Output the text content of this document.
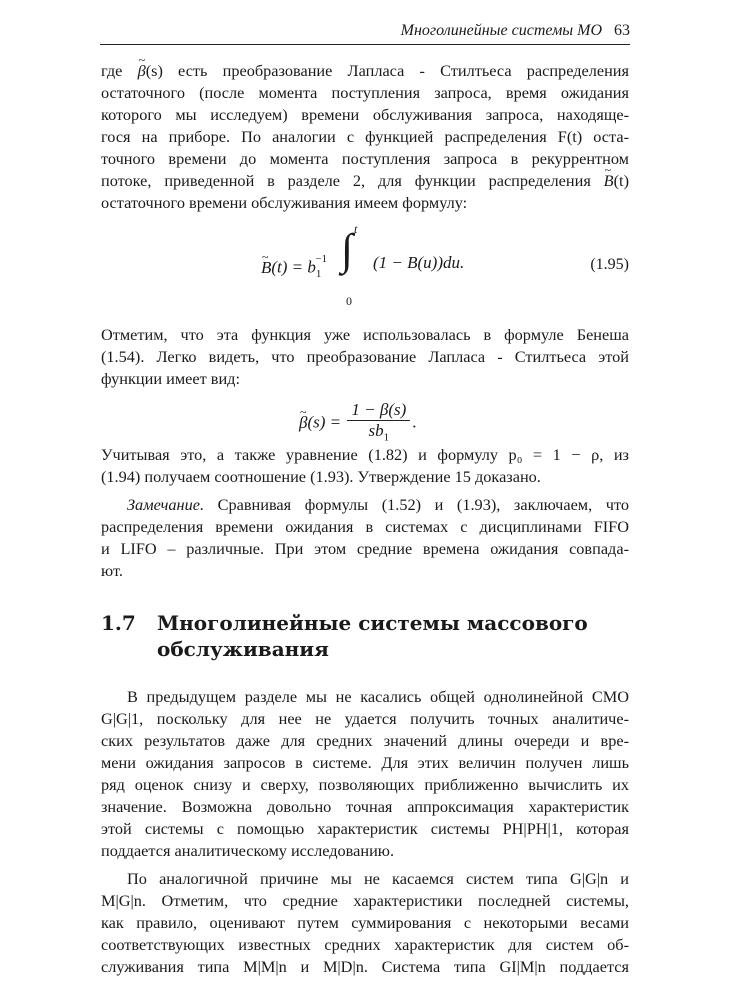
Многолинейные системы МО 63
где ~ β(s) есть преобразование Лапласа - Стилтьеса распределения
остаточного (после момента поступления запроса, время ожидания
которого мы исследуем) времени обслуживания запроса, находяще-
гося на приборе. По аналогии с функцией распределения F(t) оста-
точного времени до момента поступления запроса в рекуррентном
потоке, приведенной в разделе 2, для функции распределения ~ B(t)
остаточного времени обслуживания имеем формулу:
~ $B(t) = b_1^{-1}$
t
∫
0
(1 − B(u))du.	(1.95)
Отметим, что эта функция уже использовалась в формуле Бенеша
(1.54). Легко видеть, что преобразование Лапласа - Стилтьеса этой
функции имеет вид:
~ $\beta(s) = \frac{1 - \beta(s)}{sb_1}$ .
Учитывая это, а также уравнение (1.82) и формулу p₀ = 1 − ρ, из
(1.94) получаем соотношение (1.93). Утверждение 15 доказано.
Замечание. Сравнивая формулы (1.52) и (1.93), заключаем, что
распределения времени ожидания в системах с дисциплинами FIFO
и LIFO – различные. При этом средние времена ожидания совпада-
ют.
1.7	Многолинейные системы массового
обслуживания
В предыдущем разделе мы не касались общей однолинейной СМО
G|G|1, поскольку для нее не удается получить точных аналитиче-
ских результатов даже для средних значений длины очереди и вре-
мени ожидания запросов в системе. Для этих величин получен лишь
ряд оценок снизу и сверху, позволяющих приближенно вычислить их
значение. Возможна довольно точная аппроксимация характеристик
этой системы с помощью характеристик системы PH|PH|1, которая
поддается аналитическому исследованию.
По аналогичной причине мы не касаемся систем типа G|G|n и
M|G|n. Отметим, что средние характеристики последней системы,
как правило, оценивают путем суммирования с некоторыми весами
соответствующих известных средних характеристик для систем об-
служивания типа M|M|n и M|D|n. Система типа GI|M|n поддается
